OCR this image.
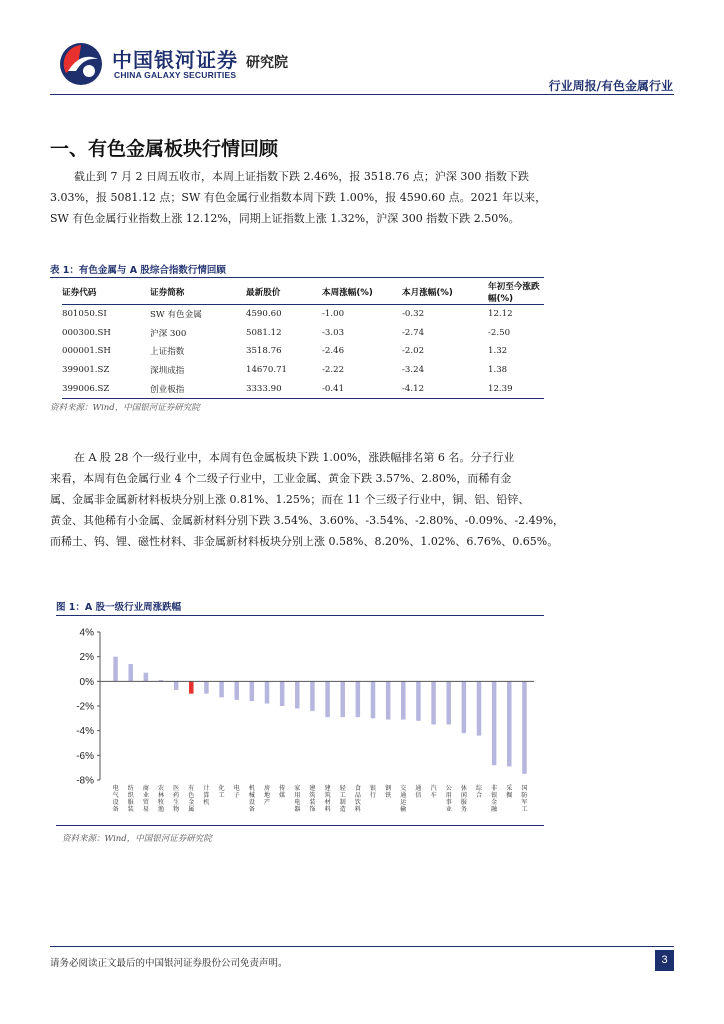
中国银河证券
CHINA GALAXY SECURITIES
研究院
行业周报/有色金属行业
一、有色金属板块行情回顾
截止到 7 月 2 日周五收市，本周上证指数下跌 2.46%，报 3518.76 点；沪深 300 指数下跌
3.03%，报 5081.12 点；SW 有色金属行业指数本周下跌 1.00%，报 4590.60 点。2021 年以来，
SW 有色金属行业指数上涨 12.12%，同期上证指数上涨 1.32%，沪深 300 指数下跌 2.50%。
表 1：有色金属与 A 股综合指数行情回顾
证券代码	证券简称	最新股价	本周涨幅(%)	本月涨幅(%)	年初至今涨跌幅(%)
801050.SI	SW 有色金属	4590.60	-1.00	-0.32	12.12
000300.SH	沪深 300	5081.12	-3.03	-2.74	-2.50
000001.SH	上证指数	3518.76	-2.46	-2.02	1.32
399001.SZ	深圳成指	14670.71	-2.22	-3.24	1.38
399006.SZ	创业板指	3333.90	-0.41	-4.12	12.39
资料来源：Wind，中国银河证券研究院
在 A 股 28 个一级行业中，本周有色金属板块下跌 1.00%，涨跌幅排名第 6 名。分子行业
来看，本周有色金属行业 4 个二级子行业中，工业金属、黄金下跌 3.57%、2.80%，而稀有金
属、金属非金属新材料板块分别上涨 0.81%、1.25%；而在 11 个三级子行业中，铜、铝、铅锌、
黄金、其他稀有小金属、金属新材料分别下跌 3.54%、3.60%、-3.54%、-2.80%、-0.09%、-2.49%，
而稀土、钨、锂、磁性材料、非金属新材料板块分别上涨 0.58%、8.20%、1.02%、6.76%、0.65%。
图 1：A 股一级行业周涨跌幅
4%
2%
0%
-2%
-4%
-6%
-8%
电气设备
纺织服装
商业贸易
农林牧渔
医药生物
有色金属
计算机
化工
电子
机械设备
房地产
传媒
家用电器
建筑装饰
建筑材料
轻工制造
食品饮料
银行
钢铁
交通运输
通信
汽车
公用事业
休闲服务
综合
非银金融
采掘
国防军工
资料来源：Wind，中国银河证券研究院
请务必阅读正文最后的中国银河证券股份公司免责声明。	3
